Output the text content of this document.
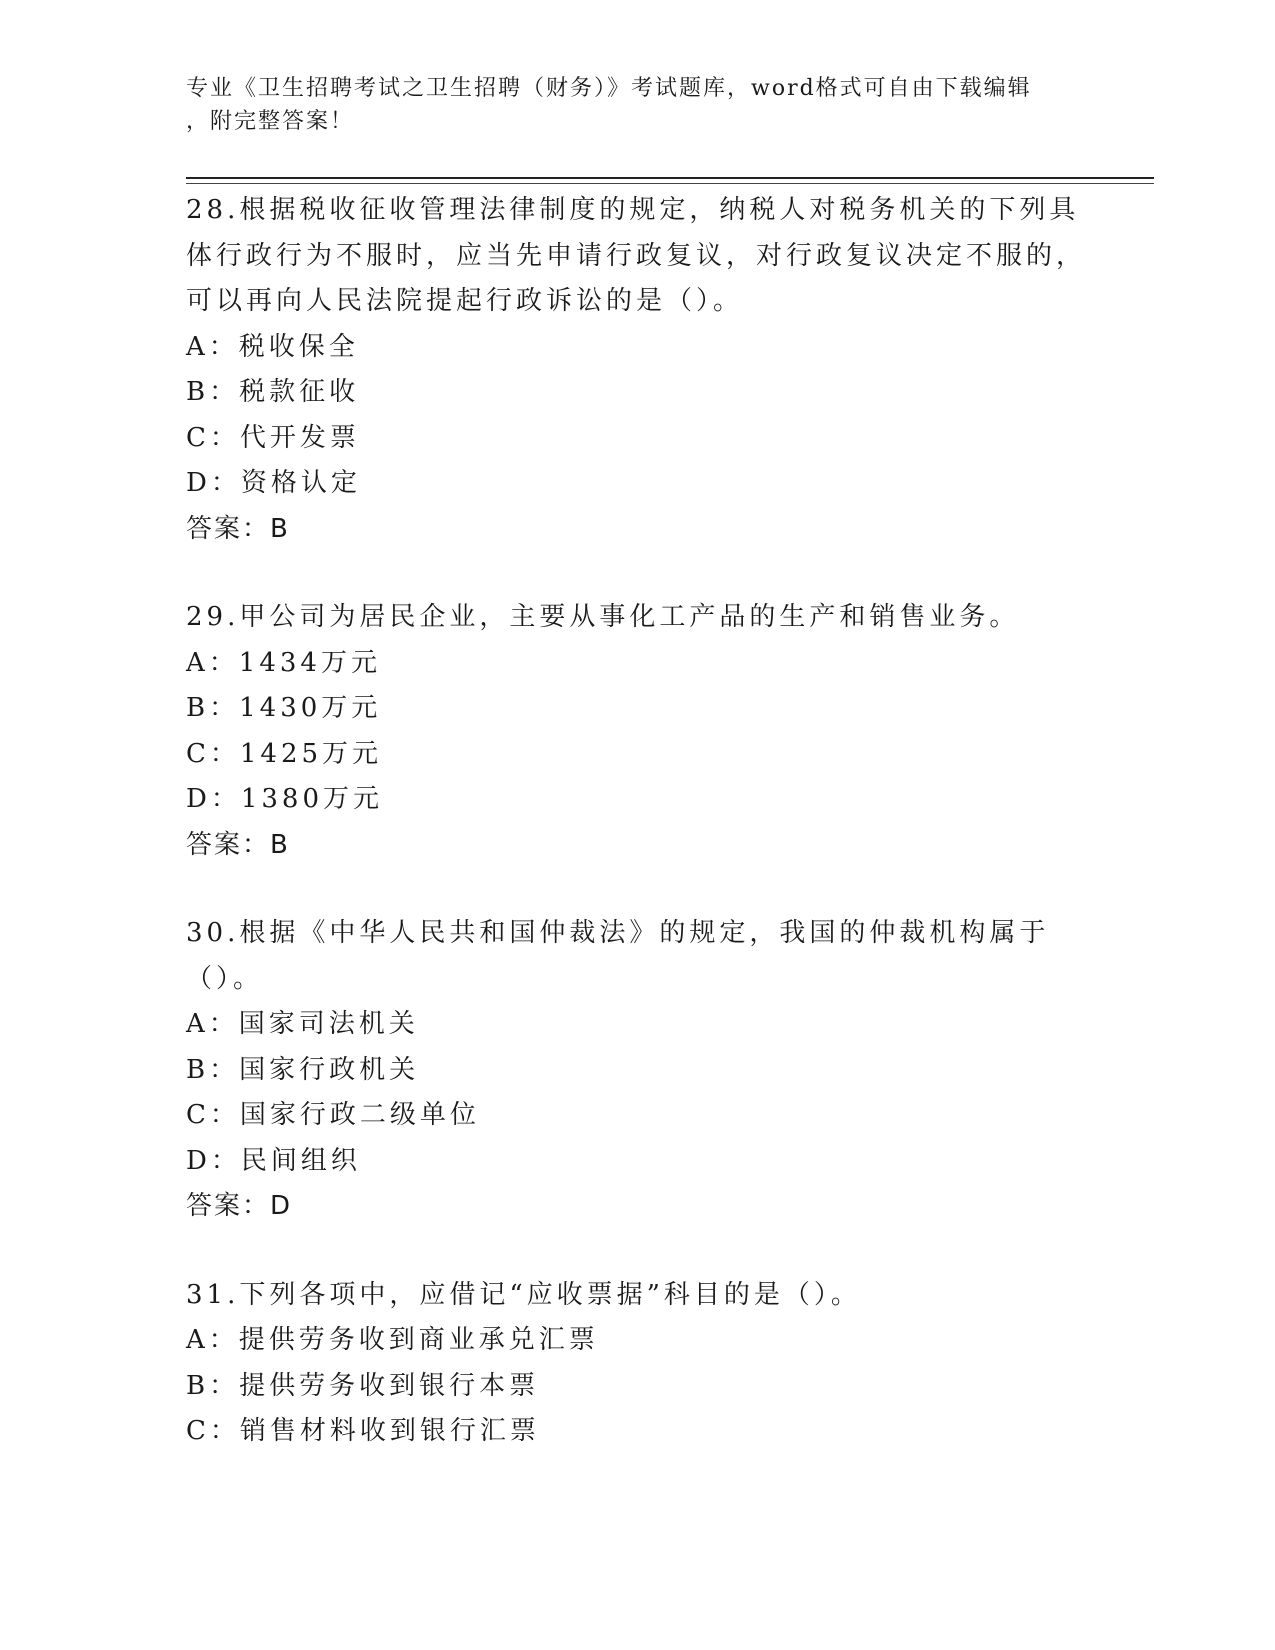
专业《卫生招聘考试之卫生招聘（财务）》考试题库，word格式可自由下载编辑
，附完整答案！
28.根据税收征收管理法律制度的规定，纳税人对税务机关的下列具体行政行为不服时，应当先申请行政复议，对行政复议决定不服的，可以再向人民法院提起行政诉讼的是（）。
A：税收保全
B：税款征收
C：代开发票
D：资格认定
答案：B
29.甲公司为居民企业，主要从事化工产品的生产和销售业务。
A：1434万元
B：1430万元
C：1425万元
D：1380万元
答案：B
30.根据《中华人民共和国仲裁法》的规定，我国的仲裁机构属于（）。
A：国家司法机关
B：国家行政机关
C：国家行政二级单位
D：民间组织
答案：D
31.下列各项中，应借记“应收票据”科目的是（）。
A：提供劳务收到商业承兑汇票
B：提供劳务收到银行本票
C：销售材料收到银行汇票
